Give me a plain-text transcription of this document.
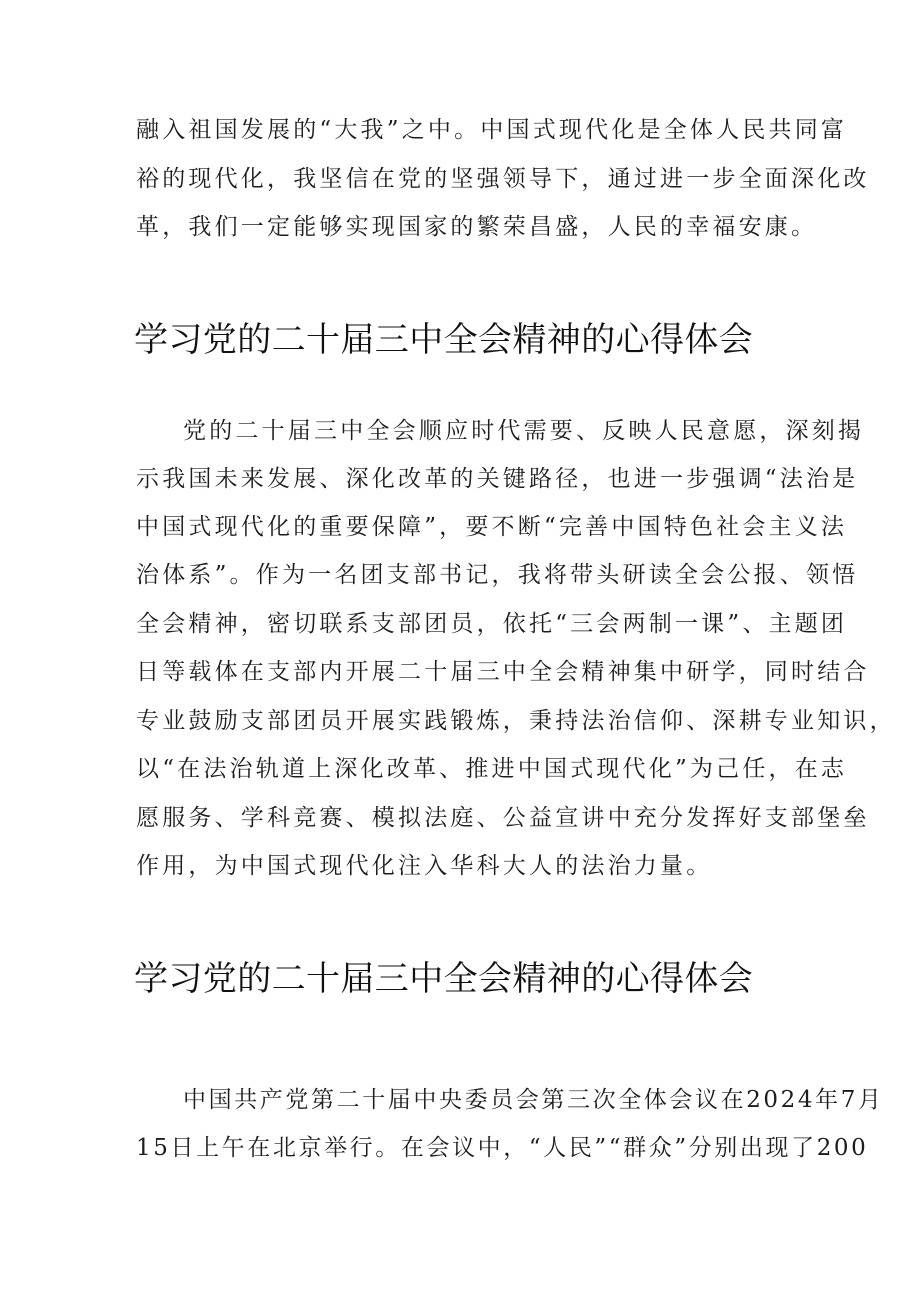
融入祖国发展的“大我”之中。中国式现代化是全体人民共同富
裕的现代化，我坚信在党的坚强领导下，通过进一步全面深化改
革，我们一定能够实现国家的繁荣昌盛，人民的幸福安康。
学习党的二十届三中全会精神的心得体会
党的二十届三中全会顺应时代需要、反映人民意愿，深刻揭
示我国未来发展、深化改革的关键路径，也进一步强调“法治是
中国式现代化的重要保障”，要不断“完善中国特色社会主义法
治体系”。作为一名团支部书记，我将带头研读全会公报、领悟
全会精神，密切联系支部团员，依托“三会两制一课”、主题团
日等载体在支部内开展二十届三中全会精神集中研学，同时结合
专业鼓励支部团员开展实践锻炼，秉持法治信仰、深耕专业知识，
以“在法治轨道上深化改革、推进中国式现代化”为己任，在志
愿服务、学科竞赛、模拟法庭、公益宣讲中充分发挥好支部堡垒
作用，为中国式现代化注入华科大人的法治力量。
学习党的二十届三中全会精神的心得体会
中国共产党第二十届中央委员会第三次全体会议在2024年7月
15日上午在北京举行。在会议中，“人民”“群众”分别出现了200
